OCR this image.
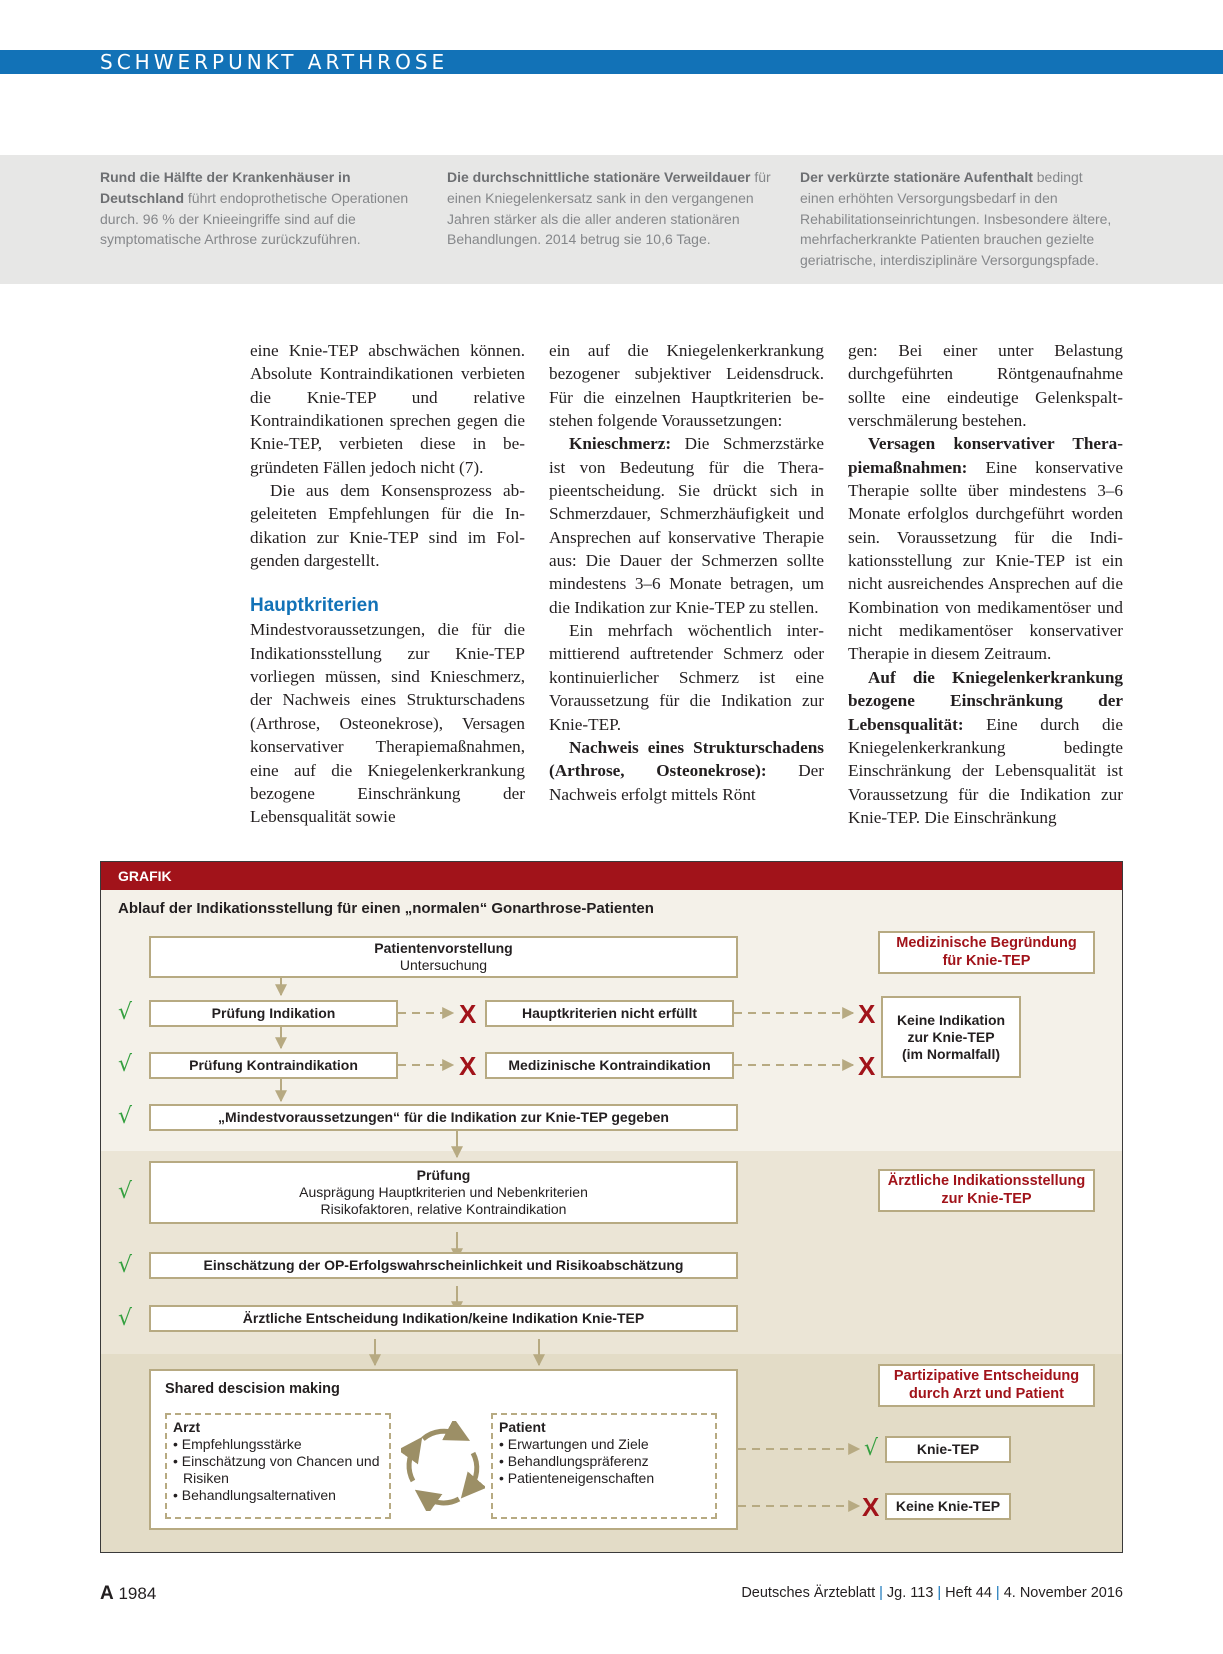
SCHWERPUNKT ARTHROSE
Rund die Hälfte der Krankenhäuser in Deutschland führt endoprothetische Operationen durch. 96 % der Knieeingriffe sind auf die symptomatische Arthrose zurückzuführen.
Die durchschnittliche stationäre Verweildauer für einen Kniegelenkersatz sank in den vergangenen Jahren stärker als die aller anderen stationären Behandlungen. 2014 betrug sie 10,6 Tage.
Der verkürzte stationäre Aufenthalt bedingt einen erhöhten Versorgungsbedarf in den Rehabilitationseinrichtungen. Insbesondere ältere, mehrfacherkrankte Patienten brauchen gezielte geriatrische, interdisziplinäre Versorgungspfade.

eine Knie-TEP abschwächen können. Absolute Kontraindikationen verbieten die Knie-TEP und relative Kontraindikationen sprechen gegen die Knie-TEP, verbieten diese in begründeten Fällen jedoch nicht (7).

Die aus dem Konsensprozess abgeleiteten Empfehlungen für die Indikation zur Knie-TEP sind im Folgenden dargestellt.

Hauptkriterien

Mindestvoraussetzungen, die für die Indikationsstellung zur Knie-TEP vorliegen müssen, sind Knieschmerz, der Nachweis eines Strukturschadens (Arthrose, Osteonekrose), Versagen konservativer Therapiemaßnahmen, eine auf die Kniegelenkerkrankung bezogene Einschränkung der Lebensqualität sowie

ein auf die Kniegelenkerkrankung bezogener subjektiver Leidensdruck. Für die einzelnen Hauptkriterien bestehen folgende Voraussetzungen:

Knieschmerz: Die Schmerzstärke ist von Bedeutung für die Therapieentscheidung. Sie drückt sich in Schmerzdauer, Schmerzhäufigkeit und Ansprechen auf konservative Therapie aus: Die Dauer der Schmerzen sollte mindestens 3–6 Monate betragen, um die Indikation zur Knie-TEP zu stellen.

Ein mehrfach wöchentlich intermittierend auftretender Schmerz oder kontinuierlicher Schmerz ist eine Voraussetzung für die Indikation zur Knie-TEP.

Nachweis eines Strukturschadens (Arthrose, Osteonekrose): Der Nachweis erfolgt mittels Rönt

gen: Bei einer unter Belastung durchgeführten Röntgenaufnahme sollte eine eindeutige Gelenkspaltverschmälerung bestehen.

Versagen konservativer Therapiemaßnahmen: Eine konservative Therapie sollte über mindestens 3–6 Monate erfolglos durchgeführt worden sein. Voraussetzung für die Indikationsstellung zur Knie-TEP ist ein nicht ausreichendes Ansprechen auf die Kombination von medikamentöser und nicht medikamentöser konservativer Therapie in diesem Zeitraum.

Auf die Kniegelenkerkrankung bezogene Einschränkung der Lebensqualität: Eine durch die Kniegelenkerkrankung bedingte Einschränkung der Lebensqualität ist Voraussetzung für die Indikation zur Knie-TEP. Die Einschränkung

GRAFIK
Ablauf der Indikationsstellung für einen „normalen“ Gonarthrose-Patienten
Patientenvorstellung
Untersuchung
√	Prüfung Indikation	X	Hauptkriterien nicht erfüllt	X
√	Prüfung Kontraindikation	X Medizinische Kontraindikation	X
Keine Indikation
zur Knie-TEP
(im Normalfall)
√	„Mindestvoraussetzungen“ für die Indikation zur Knie-TEP gegeben
√
Prüfung
Ausprägung Hauptkriterien und Nebenkriterien
Risikofaktoren, relative Kontraindikation
√	Einschätzung der OP-Erfolgswahrscheinlichkeit und Risikoabschätzung
√	Ärztliche Entscheidung Indikation/keine Indikation Knie-TEP
Medizinische Begründung
für Knie-TEP
Ärztliche Indikationsstellung
zur Knie-TEP
Partizipative Entscheidung
durch Arzt und Patient
Shared descision making
Arzt
• Empfehlungsstärke
• Einschätzung von Chancen und Risiken
• Behandlungsalternativen
Patient
• Erwartungen und Ziele
• Behandlungspräferenz
• Patienteneigenschaften
√	Knie-TEP
X Keine Knie-TEP
A 1984	Deutsches Ärzteblatt | Jg. 113 | Heft 44 | 4. November 2016
